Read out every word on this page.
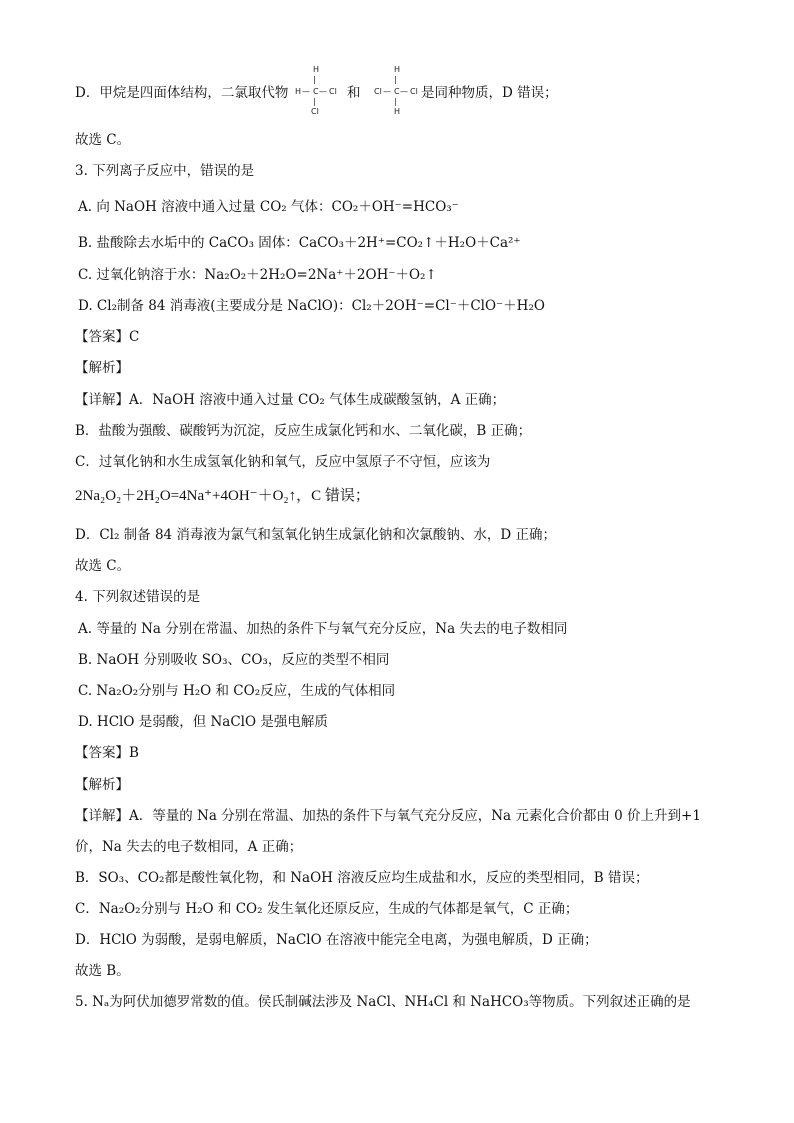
D．甲烷是四面体结构，二氯取代物
H
|
H — C — Cl
|
Cl
和
H
|
Cl — C — Cl
|
H
是同种物质，D 错误；
故选 C。
3. 下列离子反应中，错误的是
A. 向 NaOH 溶液中通入过量 CO₂ 气体：CO₂＋OH⁻=HCO₃⁻
B. 盐酸除去水垢中的 CaCO₃ 固体：CaCO₃＋2H⁺=CO₂↑＋H₂O＋Ca²⁺
C. 过氧化钠溶于水：Na₂O₂＋2H₂O=2Na⁺＋2OH⁻＋O₂↑
D. Cl₂制备 84 消毒液(主要成分是 NaClO)：Cl₂＋2OH⁻=Cl⁻＋ClO⁻＋H₂O
【答案】C
【解析】
【详解】A．NaOH 溶液中通入过量 CO₂ 气体生成碳酸氢钠，A 正确；
B．盐酸为强酸、碳酸钙为沉淀，反应生成氯化钙和水、二氧化碳，B 正确；
C．过氧化钠和水生成氢氧化钠和氧气，反应中氢原子不守恒，应该为
2Na₂O₂＋2H₂O=4Na⁺+4OH⁻＋O₂↑，C 错误；
D．Cl₂ 制备 84 消毒液为氯气和氢氧化钠生成氯化钠和次氯酸钠、水，D 正确；
故选 C。
4. 下列叙述错误的是
A. 等量的 Na 分别在常温、加热的条件下与氧气充分反应，Na 失去的电子数相同
B. NaOH 分别吸收 SO₃、CO₃，反应的类型不相同
C. Na₂O₂分别与 H₂O 和 CO₂反应，生成的气体相同
D. HClO 是弱酸，但 NaClO 是强电解质
【答案】B
【解析】
【详解】A．等量的 Na 分别在常温、加热的条件下与氧气充分反应，Na 元素化合价都由 0 价上升到+1
价，Na 失去的电子数相同，A 正确；
B．SO₃、CO₂都是酸性氧化物，和 NaOH 溶液反应均生成盐和水，反应的类型相同，B 错误；
C．Na₂O₂分别与 H₂O 和 CO₂ 发生氧化还原反应，生成的气体都是氧气，C 正确；
D．HClO 为弱酸，是弱电解质，NaClO 在溶液中能完全电离，为强电解质，D 正确；
故选 B。
5. Nₐ为阿伏加德罗常数的值。侯氏制碱法涉及 NaCl、NH₄Cl 和 NaHCO₃等物质。下列叙述正确的是
